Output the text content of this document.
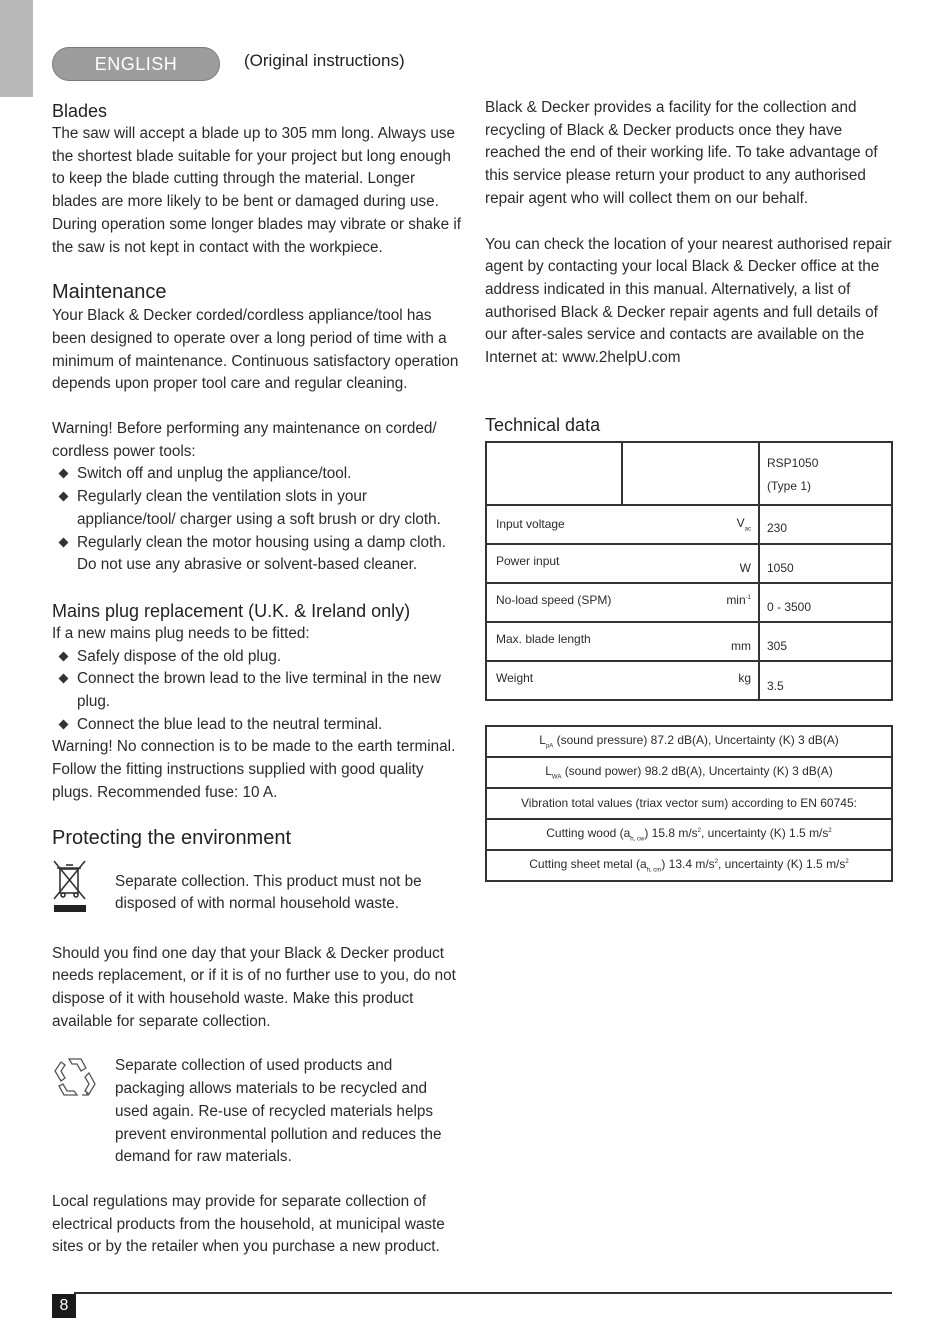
ENGLISH	(Original instructions)
Blades

The saw will accept a blade up to 305 mm long. Always use the shortest blade suitable for your project but long enough to keep the blade cutting through the material. Longer blades are more likely to be bent or damaged during use. During operation some longer blades may vibrate or shake if the saw is not kept in contact with the workpiece.

Maintenance

Your Black & Decker corded/cordless appliance/tool has been designed to operate over a long period of time with a minimum of maintenance. Continuous satisfactory operation depends upon proper tool care and regular cleaning.

Warning! Before performing any maintenance on corded/ cordless power tools:

Switch off and unplug the appliance/tool.
Regularly clean the ventilation slots in your appliance/tool/ charger using a soft brush or dry cloth.
Regularly clean the motor housing using a damp cloth. Do not use any abrasive or solvent-based cleaner.
Mains plug replacement (U.K. & Ireland only)

If a new mains plug needs to be fitted:

Safely dispose of the old plug.
Connect the brown lead to the live terminal in the new plug.
Connect the blue lead to the neutral terminal.

Warning! No connection is to be made to the earth terminal. Follow the fitting instructions supplied with good quality plugs. Recommended fuse: 10 A.

Protecting the environment

Separate collection. This product must not be disposed of with normal household waste.

Should you find one day that your Black & Decker product needs replacement, or if it is of no further use to you, do not dispose of it with household waste. Make this product available for separate collection.

Separate collection of used products and packaging allows materials to be recycled and used again. Re-use of recycled materials helps prevent environmental pollution and reduces the demand for raw materials.

Local regulations may provide for separate collection of electrical products from the household, at municipal waste sites or by the retailer when you purchase a new product.

Black & Decker provides a facility for the collection and recycling of Black & Decker products once they have reached the end of their working life. To take advantage of this service please return your product to any authorised repair agent who will collect them on our behalf.

You can check the location of your nearest authorised repair agent by contacting your local Black & Decker office at the address indicated in this manual. Alternatively, a list of authorised Black & Decker repair agents and full details of our after-sales service and contacts are available on the Internet at: www.2helpU.com

Technical data

		RSP1050
(Type 1)

Input voltage	$V_{ac}$	230
Power input	W	1050
No-load speed (SPM)	$\min^{-1}$	0 - 3500
Max. blade length	mm	305
Weight	kg	3.5
$L_{pA}$ (sound pressure) 87.2 dB(A), Uncertainty (K) 3 dB(A)
$L_{WA}$ (sound power) 98.2 dB(A), Uncertainty (K) 3 dB(A)
Vibration total values (triax vector sum) according to EN 60745:
Cutting wood $(a_{h, cw})$ 15.8 $m/s^2$, uncertainty (K) 1.5 $m/s^2$
Cutting sheet metal $(a_{h, cm})$ 13.4 $m/s^2$, uncertainty (K) 1.5 $m/s^2$
8
